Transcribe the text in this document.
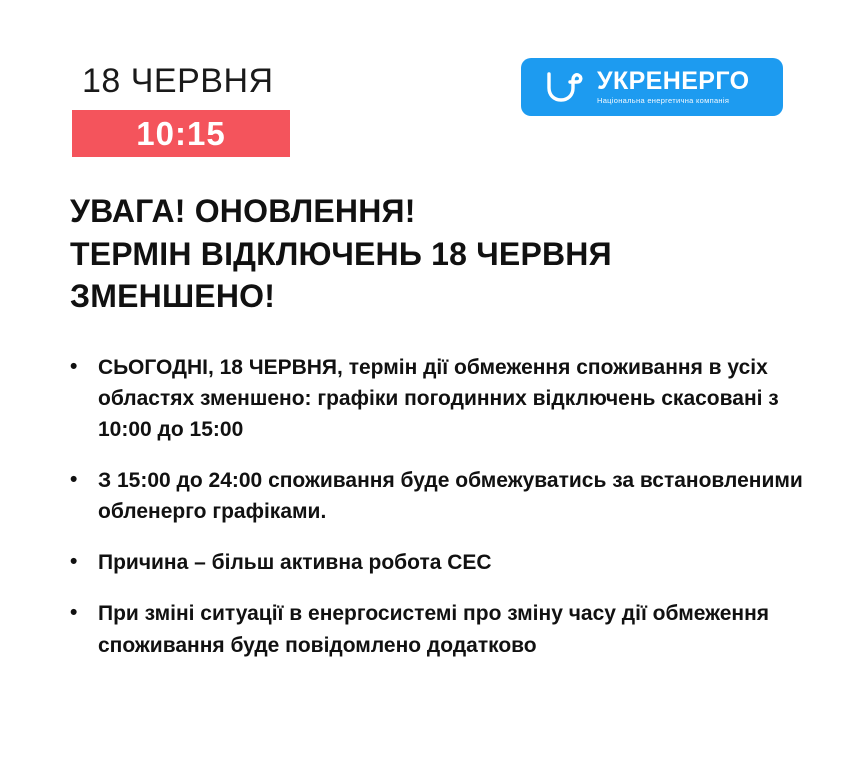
18 ЧЕРВНЯ	УКРЕНЕРГО
Національна енергетична компанія
10:15
УВАГА! ОНОВЛЕННЯ!
ТЕРМІН ВІДКЛЮЧЕНЬ 18 ЧЕРВНЯ
ЗМЕНШЕНО!
• СЬОГОДНІ, 18 ЧЕРВНЯ, термін дії обмеження споживання в усіх областях зменшено: графіки погодинних відключень скасовані з 10:00 до 15:00
• З 15:00 до 24:00 споживання буде обмежуватись за встановленими обленерго графіками.
• Причина – більш активна робота СЕС
• При зміні ситуації в енергосистемі про зміну часу дії обмеження споживання буде повідомлено додатково
